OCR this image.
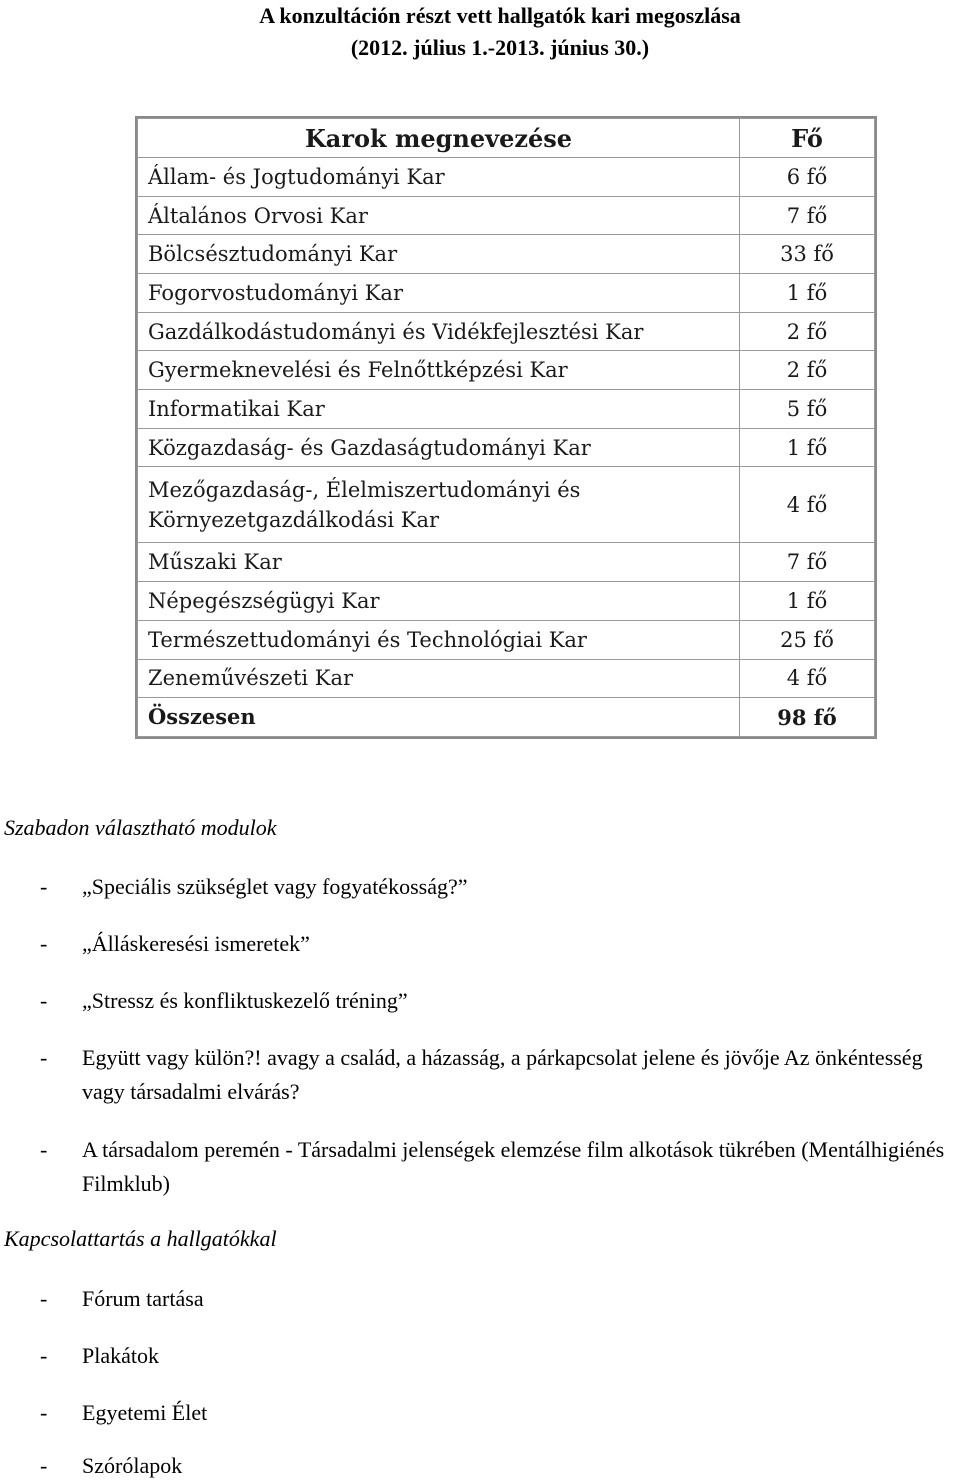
A konzultáción részt vett hallgatók kari megoszlása
(2012. július 1.-2013. június 30.)
Karok megnevezése	Fő
Állam- és Jogtudományi Kar	6 fő
Általános Orvosi Kar	7 fő
Bölcsésztudományi Kar	33 fő
Fogorvostudományi Kar	1 fő
Gazdálkodástudományi és Vidékfejlesztési Kar	2 fő
Gyermeknevelési és Felnőttképzési Kar	2 fő
Informatikai Kar	5 fő
Közgazdaság- és Gazdaságtudományi Kar	1 fő
Mezőgazdaság-, Élelmiszertudományi és Környezetgazdálkodási Kar	4 fő
Műszaki Kar	7 fő
Népegészségügyi Kar	1 fő
Természettudományi és Technológiai Kar	25 fő
Zeneművészeti Kar	4 fő
Összesen	98 fő
Szabadon választható modulok
- „Speciális szükséglet vagy fogyatékosság?”
- „Álláskeresési ismeretek”
- „Stressz és konfliktuskezelő tréning”
- Együtt vagy külön?! avagy a család, a házasság, a párkapcsolat jelene és jövője Az önkéntesség vagy társadalmi elvárás?
- A társadalom peremén - Társadalmi jelenségek elemzése film alkotások tükrében (Mentálhigiénés Filmklub)
Kapcsolattartás a hallgatókkal
- Fórum tartása
- Plakátok
- Egyetemi Élet
- Szórólapok
